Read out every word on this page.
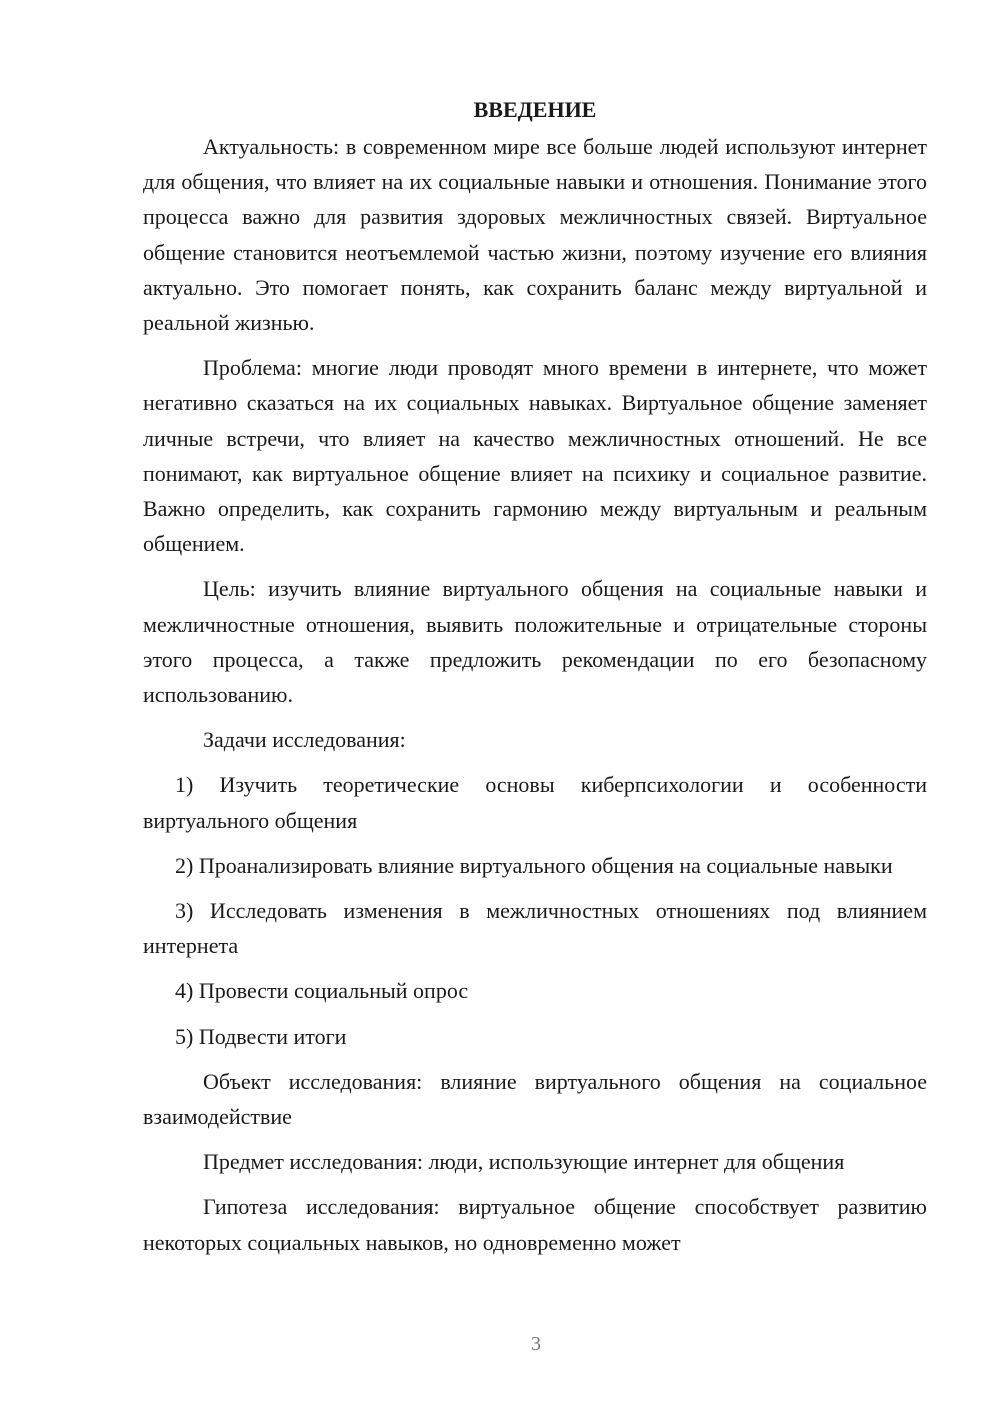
ВВЕДЕНИЕ

Актуальность: в современном мире все больше людей используют интернет для общения, что влияет на их социальные навыки и отношения. Понимание этого процесса важно для развития здоровых межличностных связей. Виртуальное общение становится неотъемлемой частью жизни, поэтому изучение его влияния актуально. Это помогает понять, как сохранить баланс между виртуальной и реальной жизнью.

Проблема: многие люди проводят много времени в интернете, что может негативно сказаться на их социальных навыках. Виртуальное общение заменяет личные встречи, что влияет на качество межличностных отношений. Не все понимают, как виртуальное общение влияет на психику и социальное развитие. Важно определить, как сохранить гармонию между виртуальным и реальным общением.

Цель: изучить влияние виртуального общения на социальные навыки и межличностные отношения, выявить положительные и отрицательные стороны этого процесса, а также предложить рекомендации по его безопасному использованию.

Задачи исследования:

1) Изучить теоретические основы киберпсихологии и особенности виртуального общения

2) Проанализировать влияние виртуального общения на социальные навыки

3) Исследовать изменения в межличностных отношениях под влиянием интернета

4) Провести социальный опрос

5) Подвести итоги

Объект исследования: влияние виртуального общения на социальное взаимодействие

Предмет исследования: люди, использующие интернет для общения

Гипотеза исследования: виртуальное общение способствует развитию некоторых социальных навыков, но одновременно может

3
